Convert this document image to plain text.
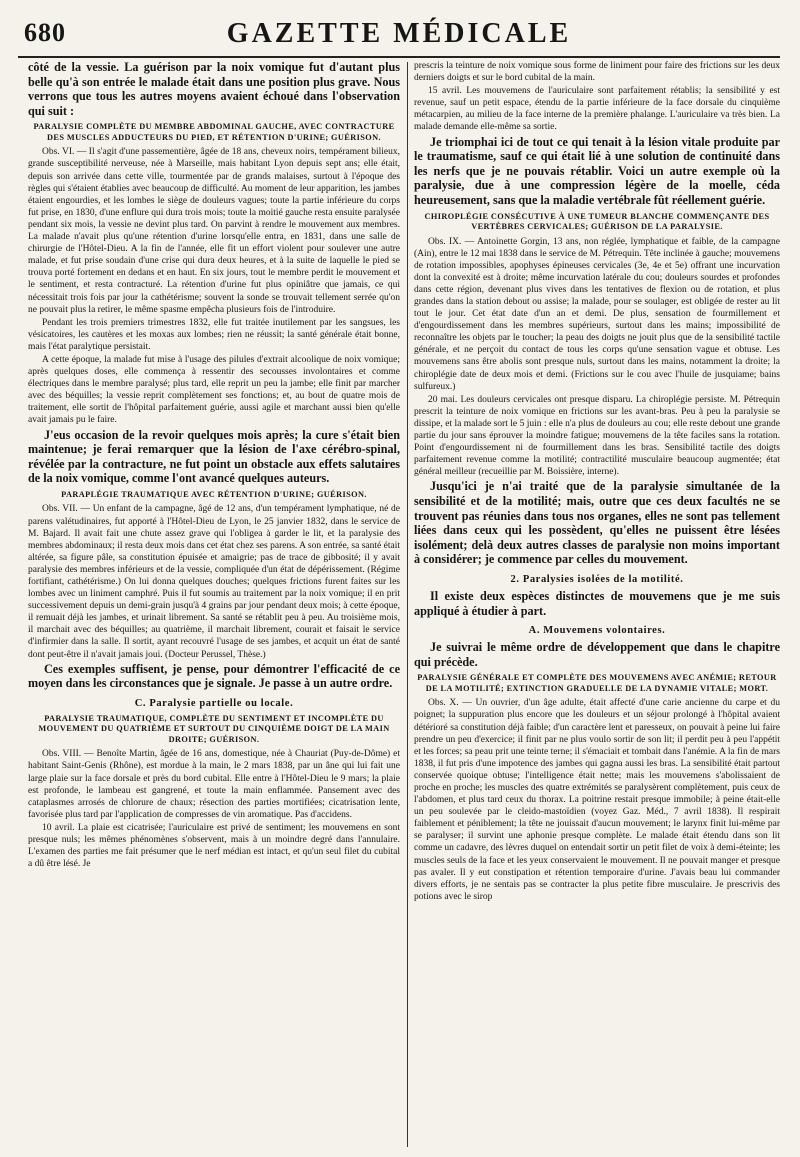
680	GAZETTE MÉDICALE

côté de la vessie. La guérison par la noix vomique fut d'autant plus belle qu'à son entrée le malade était dans une position plus grave. Nous verrons que tous les autres moyens avaient échoué dans l'observation qui suit :

PARALYSIE COMPLÈTE DU MEMBRE ABDOMINAL GAUCHE, AVEC CONTRACTURE DES MUSCLES ADDUCTEURS DU PIED, ET RÉTENTION D'URINE; GUÉRISON.

Obs. VI. — Il s'agit d'une passementière, âgée de 18 ans, cheveux noirs, tempérament bilieux, grande susceptibilité nerveuse, née à Marseille, mais habitant Lyon depuis sept ans; elle était, depuis son arrivée dans cette ville, tourmentée par de grands malaises, surtout à l'époque des règles qui s'étaient établies avec beaucoup de difficulté. Au moment de leur apparition, les jambes étaient engourdies, et les lombes le siège de douleurs vagues; toute la partie inférieure du corps fut prise, en 1830, d'une enflure qui dura trois mois; toute la moitié gauche resta ensuite paralysée pendant six mois, la vessie ne devint plus tard. On parvint à rendre le mouvement aux membres. La malade n'avait plus qu'une rétention d'urine lorsqu'elle entra, en 1831, dans une salle de chirurgie de l'Hôtel-Dieu. A la fin de l'année, elle fit un effort violent pour soulever une autre malade, et fut prise soudain d'une crise qui dura deux heures, et à la suite de laquelle le pied se trouva porté fortement en dedans et en haut. En six jours, tout le membre perdit le mouvement et le sentiment, et resta contracturé. La rétention d'urine fut plus opiniâtre que jamais, ce qui nécessitait trois fois par jour la cathétérisme; souvent la sonde se trouvait tellement serrée qu'on ne pouvait plus la retirer, le même spasme empêcha plusieurs fois de l'introduire.

Pendant les trois premiers trimestres 1832, elle fut traitée inutilement par les sangsues, les vésicatoires, les cautères et les moxas aux lombes; rien ne réussit; la santé générale était bonne, mais l'état paralytique persistait.

A cette époque, la malade fut mise à l'usage des pilules d'extrait alcoolique de noix vomique; après quelques doses, elle commença à ressentir des secousses involontaires et comme électriques dans le membre paralysé; plus tard, elle reprit un peu la jambe; elle finit par marcher avec des béquilles; la vessie reprit complètement ses fonctions; et, au bout de quatre mois de traitement, elle sortit de l'hôpital parfaitement guérie, aussi agile et marchant aussi bien qu'elle avait jamais pu le faire.

J'eus occasion de la revoir quelques mois après; la cure s'était bien maintenue; je ferai remarquer que la lésion de l'axe cérébro-spinal, révélée par la contracture, ne fut point un obstacle aux effets salutaires de la noix vomique, comme l'ont avancé quelques auteurs.

PARAPLÉGIE TRAUMATIQUE AVEC RÉTENTION D'URINE; GUÉRISON.

Obs. VII. — Un enfant de la campagne, âgé de 12 ans, d'un tempérament lymphatique, né de parens valétudinaires, fut apporté à l'Hôtel-Dieu de Lyon, le 25 janvier 1832, dans le service de M. Bajard. Il avait fait une chute assez grave qui l'obligea à garder le lit, et la paralysie des membres abdominaux; il resta deux mois dans cet état chez ses parens. A son entrée, sa santé était altérée, sa figure pâle, sa constitution épuisée et amaigrie; pas de trace de gibbosité; il y avait paralysie des membres inférieurs et de la vessie, compliquée d'un état de dépérissement. (Régime fortifiant, cathétérisme.) On lui donna quelques douches; quelques frictions furent faites sur les lombes avec un liniment camphré. Puis il fut soumis au traitement par la noix vomique; il en prit successivement depuis un demi-grain jusqu'à 4 grains par jour pendant deux mois; à cette époque, il remuait déjà les jambes, et urinait librement. Sa santé se rétablit peu à peu. Au troisième mois, il marchait avec des béquilles; au quatrième, il marchait librement, courait et faisait le service d'infirmier dans la salle. Il sortit, ayant recouvré l'usage de ses jambes, et acquit un état de santé dont peut-être il n'avait jamais joui. (Docteur Perussel, Thèse.)

Ces exemples suffisent, je pense, pour démontrer l'efficacité de ce moyen dans les circonstances que je signale. Je passe à un autre ordre.

C. Paralysie partielle ou locale.
PARALYSIE TRAUMATIQUE, COMPLÈTE DU SENTIMENT ET INCOMPLÈTE DU MOUVEMENT DU QUATRIÈME ET SURTOUT DU CINQUIÈME DOIGT DE LA MAIN DROITE; GUÉRISON.

Obs. VIII. — Benoîte Martin, âgée de 16 ans, domestique, née à Chauriat (Puy-de-Dôme) et habitant Saint-Genis (Rhône), est mordue à la main, le 2 mars 1838, par un âne qui lui fait une large plaie sur la face dorsale et près du bord cubital. Elle entre à l'Hôtel-Dieu le 9 mars; la plaie est profonde, le lambeau est gangrené, et toute la main enflammée. Pansement avec des cataplasmes arrosés de chlorure de chaux; résection des parties mortifiées; cicatrisation lente, favorisée plus tard par l'application de compresses de vin aromatique. Pas d'accidens.

10 avril. La plaie est cicatrisée; l'auriculaire est privé de sentiment; les mouvemens en sont presque nuls; les mêmes phénomènes s'observent, mais à un moindre degré dans l'annulaire. L'examen des parties me fait présumer que le nerf médian est intact, et qu'un seul filet du cubital a dû être lésé. Je

prescris la teinture de noix vomique sous forme de liniment pour faire des frictions sur les deux derniers doigts et sur le bord cubital de la main.

15 avril. Les mouvemens de l'auriculaire sont parfaitement rétablis; la sensibilité y est revenue, sauf un petit espace, étendu de la partie inférieure de la face dorsale du cinquième métacarpien, au milieu de la face interne de la première phalange. L'auriculaire va très bien. La malade demande elle-même sa sortie.

Je triomphai ici de tout ce qui tenait à la lésion vitale produite par le traumatisme, sauf ce qui était lié à une solution de continuité dans les nerfs que je ne pouvais rétablir. Voici un autre exemple où la paralysie, due à une compression légère de la moelle, céda heureusement, sans que la maladie vertébrale fût réellement guérie.

CHIROPLÉGIE CONSÉCUTIVE À UNE TUMEUR BLANCHE COMMENÇANTE DES VERTÈBRES CERVICALES; GUÉRISON DE LA PARALYSIE.

Obs. IX. — Antoinette Gorgin, 13 ans, non réglée, lymphatique et faible, de la campagne (Ain), entre le 12 mai 1838 dans le service de M. Pétrequin. Tête inclinée à gauche; mouvemens de rotation impossibles, apophyses épineuses cervicales (3e, 4e et 5e) offrant une incurvation dont la convexité est à droite; même incurvation latérale du cou; douleurs sourdes et profondes dans cette région, devenant plus vives dans les tentatives de flexion ou de rotation, et plus grandes dans la station debout ou assise; la malade, pour se soulager, est obligée de rester au lit tout le jour. Cet état date d'un an et demi. De plus, sensation de fourmillement et d'engourdissement dans les membres supérieurs, surtout dans les mains; impossibilité de reconnaître les objets par le toucher; la peau des doigts ne jouit plus que de la sensibilité tactile générale, et ne perçoit du contact de tous les corps qu'une sensation vague et obtuse. Les mouvemens sans être abolis sont presque nuls, surtout dans les mains, notamment la droite; la chiroplégie date de deux mois et demi. (Frictions sur le cou avec l'huile de jusquiame; bains sulfureux.)

20 mai. Les douleurs cervicales ont presque disparu. La chiroplégie persiste. M. Pétrequin prescrit la teinture de noix vomique en frictions sur les avant-bras. Peu à peu la paralysie se dissipe, et la malade sort le 5 juin : elle n'a plus de douleurs au cou; elle reste debout une grande partie du jour sans éprouver la moindre fatigue; mouvemens de la tête faciles sans la rotation. Point d'engourdissement ni de fourmillement dans les bras. Sensibilité tactile des doigts parfaitement revenue comme la motilité; contractilité musculaire beaucoup augmentée; état général meilleur (recueillie par M. Boissière, interne).

Jusqu'ici je n'ai traité que de la paralysie simultanée de la sensibilité et de la motilité; mais, outre que ces deux facultés ne se trouvent pas réunies dans tous nos organes, elles ne sont pas tellement liées dans ceux qui les possèdent, qu'elles ne puissent être lésées isolément; delà deux autres classes de paralysie non moins important à considérer; je commence par celles du mouvement.

2. Paralysies isolées de la motilité.

Il existe deux espèces distinctes de mouvemens que je me suis appliqué à étudier à part.

A. Mouvemens volontaires.

Je suivrai le même ordre de développement que dans le chapitre qui précède.

PARALYSIE GÉNÉRALE ET COMPLÈTE DES MOUVEMENS AVEC ANÉMIE; RETOUR DE LA MOTILITÉ; EXTINCTION GRADUELLE DE LA DYNAMIE VITALE; MORT.

Obs. X. — Un ouvrier, d'un âge adulte, était affecté d'une carie ancienne du carpe et du poignet; la suppuration plus encore que les douleurs et un séjour prolongé à l'hôpital avaient détérioré sa constitution déjà faible; d'un caractère lent et paresseux, on pouvait à peine lui faire prendre un peu d'exercice; il finit par ne plus voulo sortir de son lit; il perdit peu à peu l'appétit et les forces; sa peau prit une teinte terne; il s'émaciait et tombait dans l'anémie. A la fin de mars 1838, il fut pris d'une impotence des jambes qui gagna aussi les bras. La sensibilité était partout conservée quoique obtuse; l'intelligence était nette; mais les mouvemens s'abolissaient de proche en proche; les muscles des quatre extrémités se paralysèrent complètement, puis ceux de l'abdomen, et plus tard ceux du thorax. La poitrine restait presque immobile; à peine était-elle un peu soulevée par le cleido-mastoïdien (voyez Gaz. Méd., 7 avril 1838). Il respirait faiblement et péniblement; la tête ne jouissait d'aucun mouvement; le larynx finit lui-même par se paralyser; il survint une aphonie presque complète. Le malade était étendu dans son lit comme un cadavre, des lèvres duquel on entendait sortir un petit filet de voix à demi-éteinte; les muscles seuls de la face et les yeux conservaient le mouvement. Il ne pouvait manger et presque pas avaler. Il y eut constipation et rétention temporaire d'urine. J'avais beau lui commander divers efforts, je ne sentais pas se contracter la plus petite fibre musculaire. Je prescrivis des potions avec le sirop
